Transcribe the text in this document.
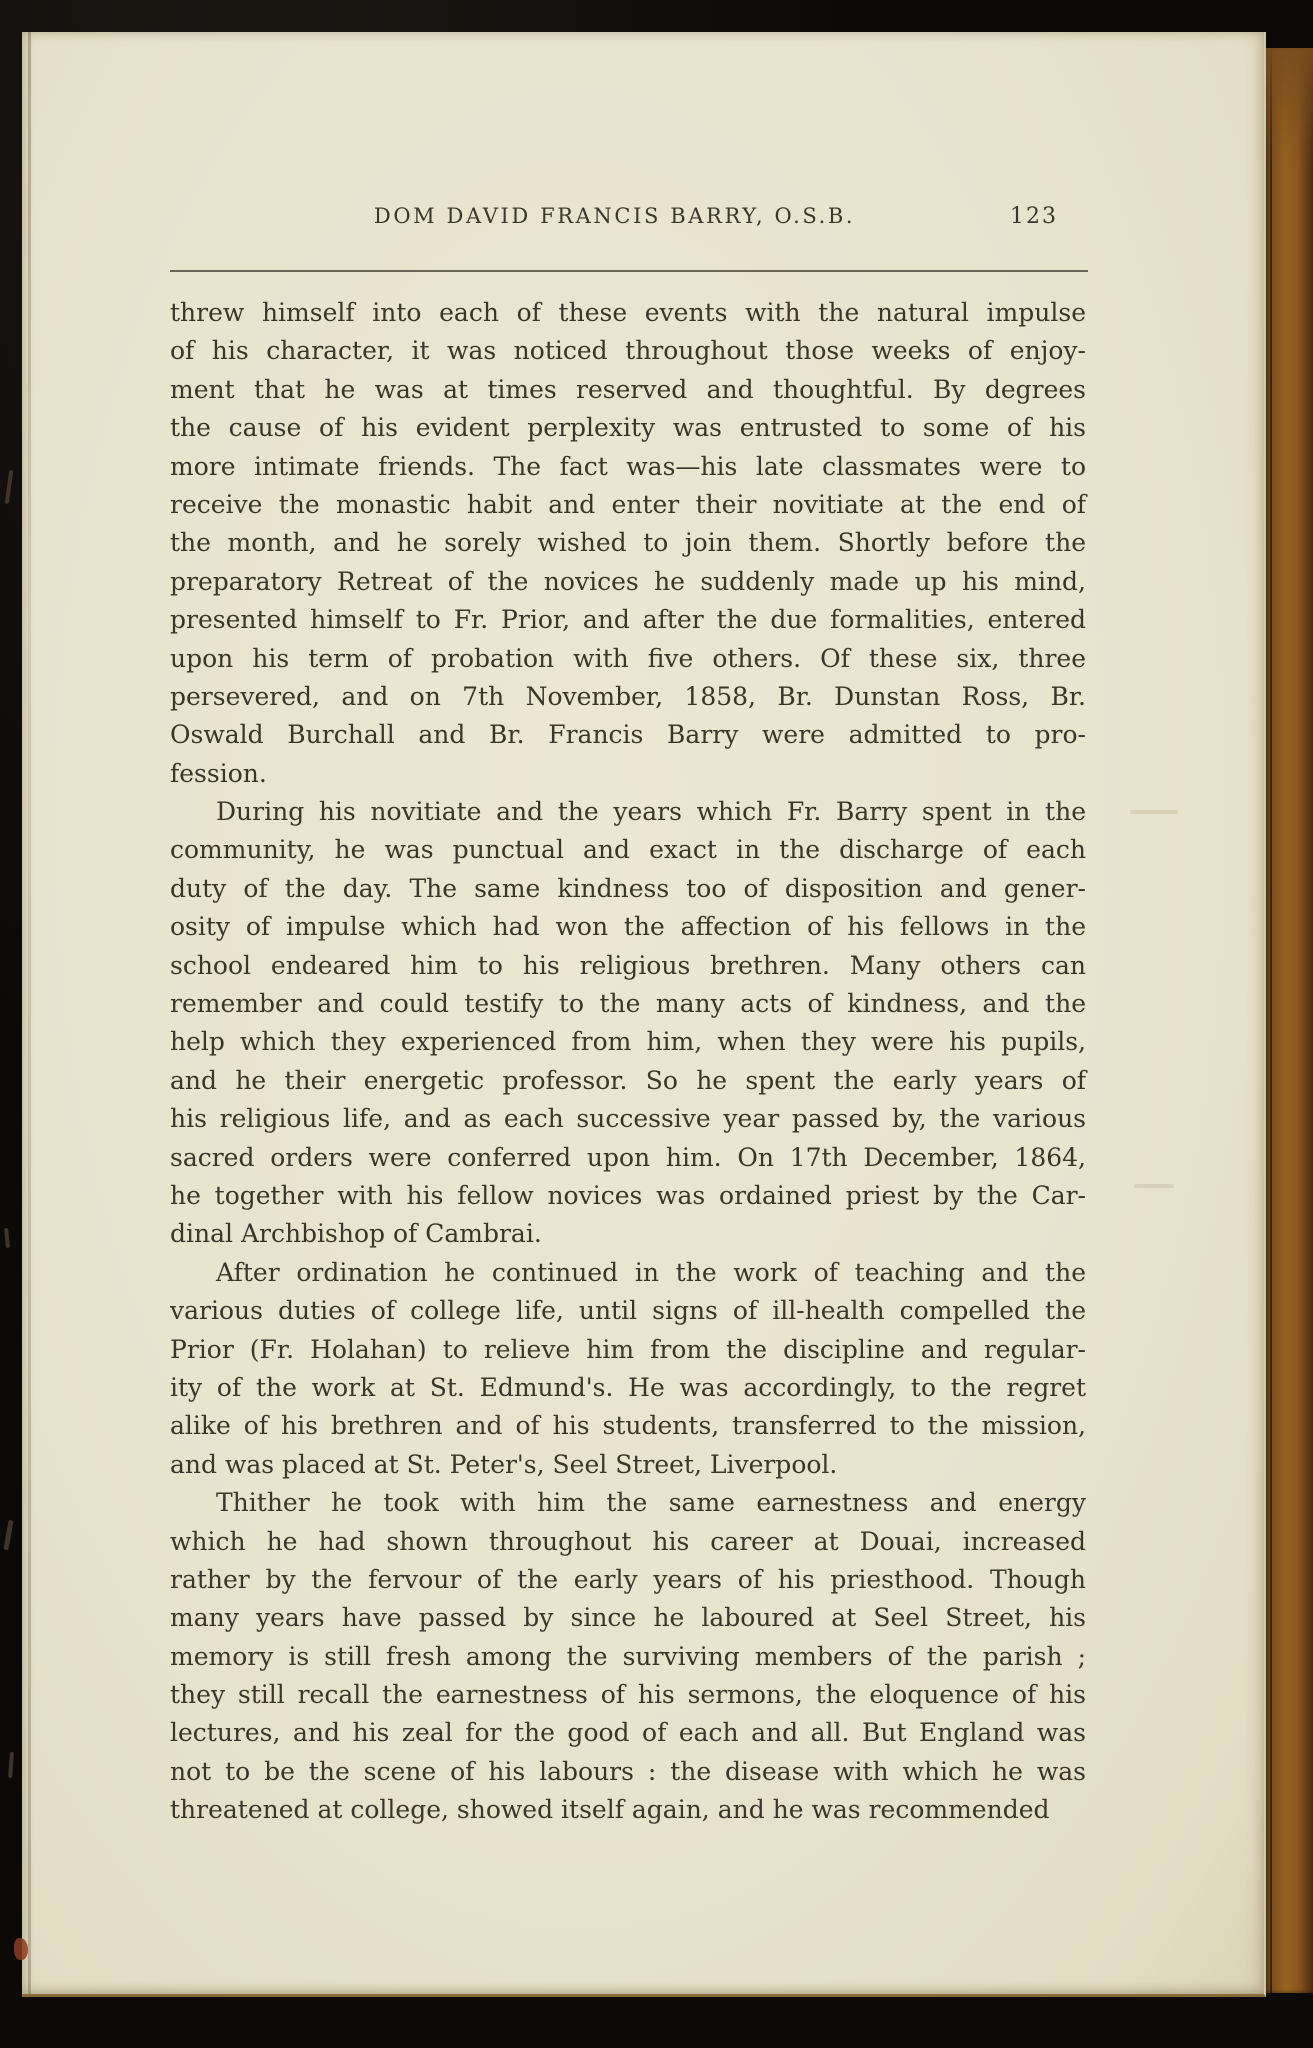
DOM DAVID FRANCIS BARRY, O.S.B.	123
threw himself into each of these events with the natural impulse
of his character, it was noticed throughout those weeks of enjoy-
ment that he was at times reserved and thoughtful. By degrees
the cause of his evident perplexity was entrusted to some of his
more intimate friends. The fact was—his late classmates were to
receive the monastic habit and enter their novitiate at the end of
the month, and he sorely wished to join them. Shortly before the
preparatory Retreat of the novices he suddenly made up his mind,
presented himself to Fr. Prior, and after the due formalities, entered
upon his term of probation with five others. Of these six, three
persevered, and on 7th November, 1858, Br. Dunstan Ross, Br.
Oswald Burchall and Br. Francis Barry were admitted to pro-
fession.
During his novitiate and the years which Fr. Barry spent in the
community, he was punctual and exact in the discharge of each
duty of the day. The same kindness too of disposition and gener-
osity of impulse which had won the affection of his fellows in the
school endeared him to his religious brethren. Many others can
remember and could testify to the many acts of kindness, and the
help which they experienced from him, when they were his pupils,
and he their energetic professor. So he spent the early years of
his religious life, and as each successive year passed by, the various
sacred orders were conferred upon him. On 17th December, 1864,
he together with his fellow novices was ordained priest by the Car-
dinal Archbishop of Cambrai.
After ordination he continued in the work of teaching and the
various duties of college life, until signs of ill-health compelled the
Prior (Fr. Holahan) to relieve him from the discipline and regular-
ity of the work at St. Edmund's. He was accordingly, to the regret
alike of his brethren and of his students, transferred to the mission,
and was placed at St. Peter's, Seel Street, Liverpool.
Thither he took with him the same earnestness and energy
which he had shown throughout his career at Douai, increased
rather by the fervour of the early years of his priesthood. Though
many years have passed by since he laboured at Seel Street, his
memory is still fresh among the surviving members of the parish ;
they still recall the earnestness of his sermons, the eloquence of his
lectures, and his zeal for the good of each and all. But England was
not to be the scene of his labours : the disease with which he was
threatened at college, showed itself again, and he was recommended
